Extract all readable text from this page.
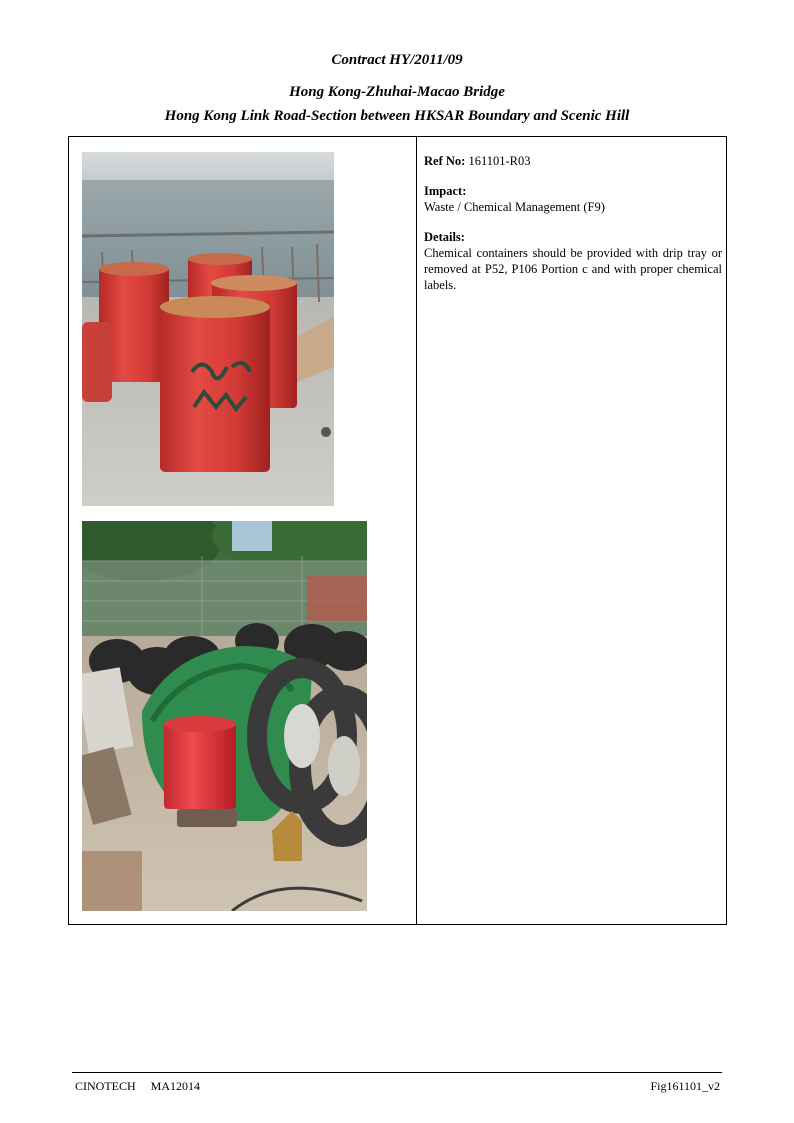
Contract HY/2011/09
Hong Kong-Zhuhai-Macao Bridge
Hong Kong Link Road-Section between HKSAR Boundary and Scenic Hill
Ref No: 161101-R03
Impact:
Waste / Chemical Management (F9)
Details:
Chemical containers should be provided with drip tray or removed at P52, P106 Portion c and with proper chemical labels.
CINOTECH MA12014	Fig161101_v2
